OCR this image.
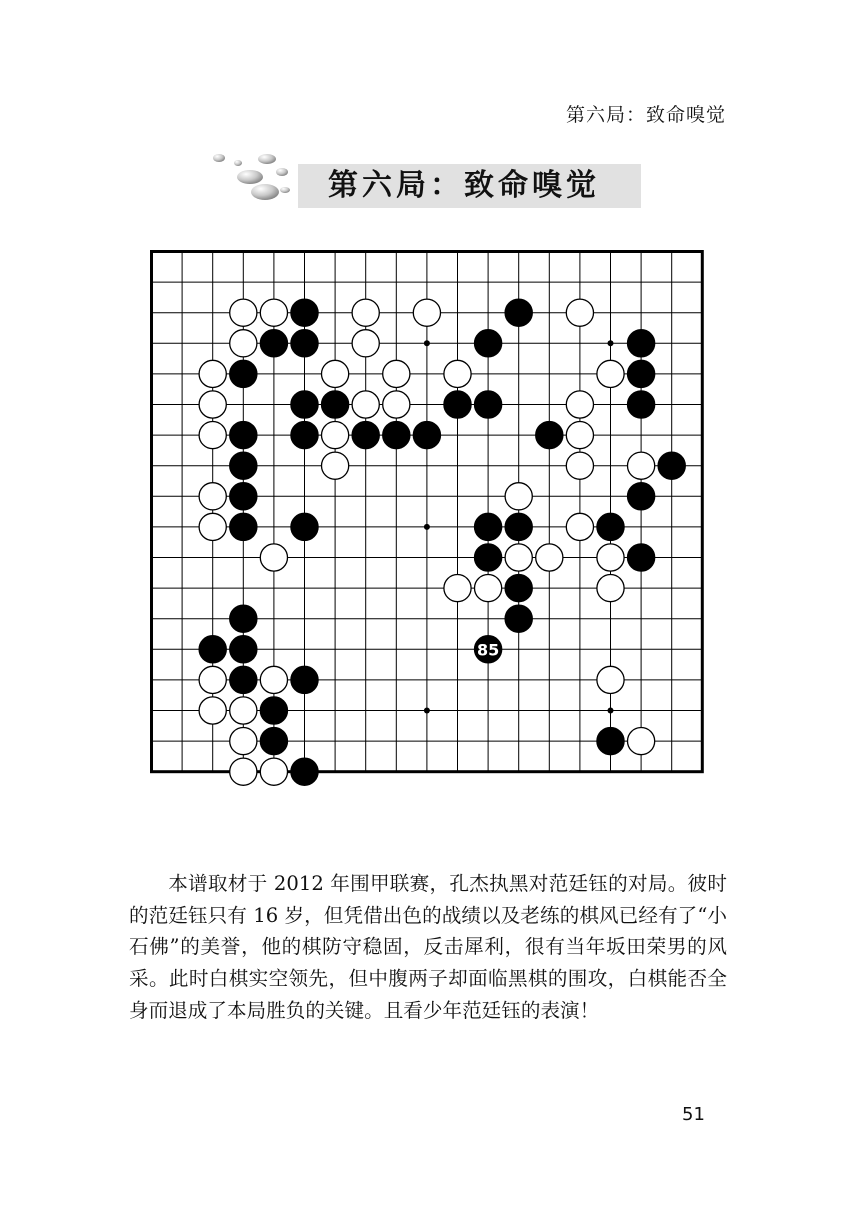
第六局：致命嗅觉
第六局：致命嗅觉
85

本谱取材于 2012 年围甲联赛，孔杰执黑对范廷钰的对局。彼时的范廷钰只有 16 岁，但凭借出色的战绩以及老练的棋风已经有了“小石佛”的美誉，他的棋防守稳固，反击犀利，很有当年坂田荣男的风采。此时白棋实空领先，但中腹两子却面临黑棋的围攻，白棋能否全身而退成了本局胜负的关键。且看少年范廷钰的表演！

51
